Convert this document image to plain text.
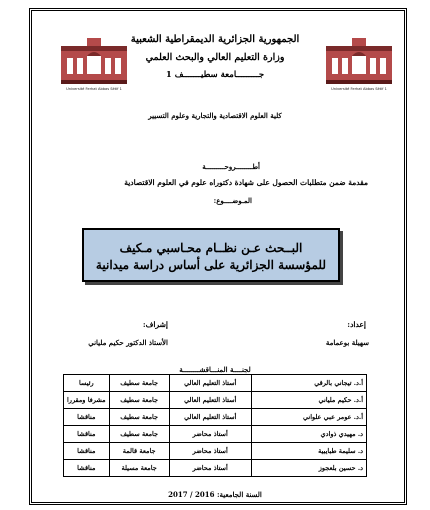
Université Ferhat Abbas Sétif 1	Université Ferhat Abbas Sétif 1
الجمهورية الجزائرية الديمقراطية الشعبية
وزارة التعليم العالي والبحث العلمي
جـــــــــامعة سطيـــــــف 1
كلية العلوم الاقتصادية والتجارية وعلوم التسيير
أطــــــــروحـــــــــة
مقدمة ضمن متطلبات الحصول على شهادة دكتوراه علوم في العلوم الاقتصادية
المـوضــــوع:
البــحث عـن نظــام محـاسبي مـكيف
للمؤسسة الجزائرية على أساس دراسة ميدانية
إعداد:
سهيلة بوعمامة
إشراف:
الأستاذ الدكتور حكيم ملياني
لجنــــة المنـــاقشــــــــة
أ.د. تيجاني بالرقي	أستاذ التعليم العالي	جامعة سطيف	رئيسا
أ.د. حكيم ملياني	أستاذ التعليم العالي	جامعة سطيف	مشرفا ومقررا
أ.د. عومر عبي علواني	أستاذ التعليم العالي	جامعة سطيف	مناقشا
د. مهيدي ذوادي	أستاذ محاضر	جامعة سطيف	مناقشا
د. سليمة طبايبية	أستاذ محاضر	جامعة قالمة	مناقشا
د. حسين بلعجوز	أستاذ محاضر	جامعة مسيلة	مناقشا
السنة الجامعية: 2016 / 2017
